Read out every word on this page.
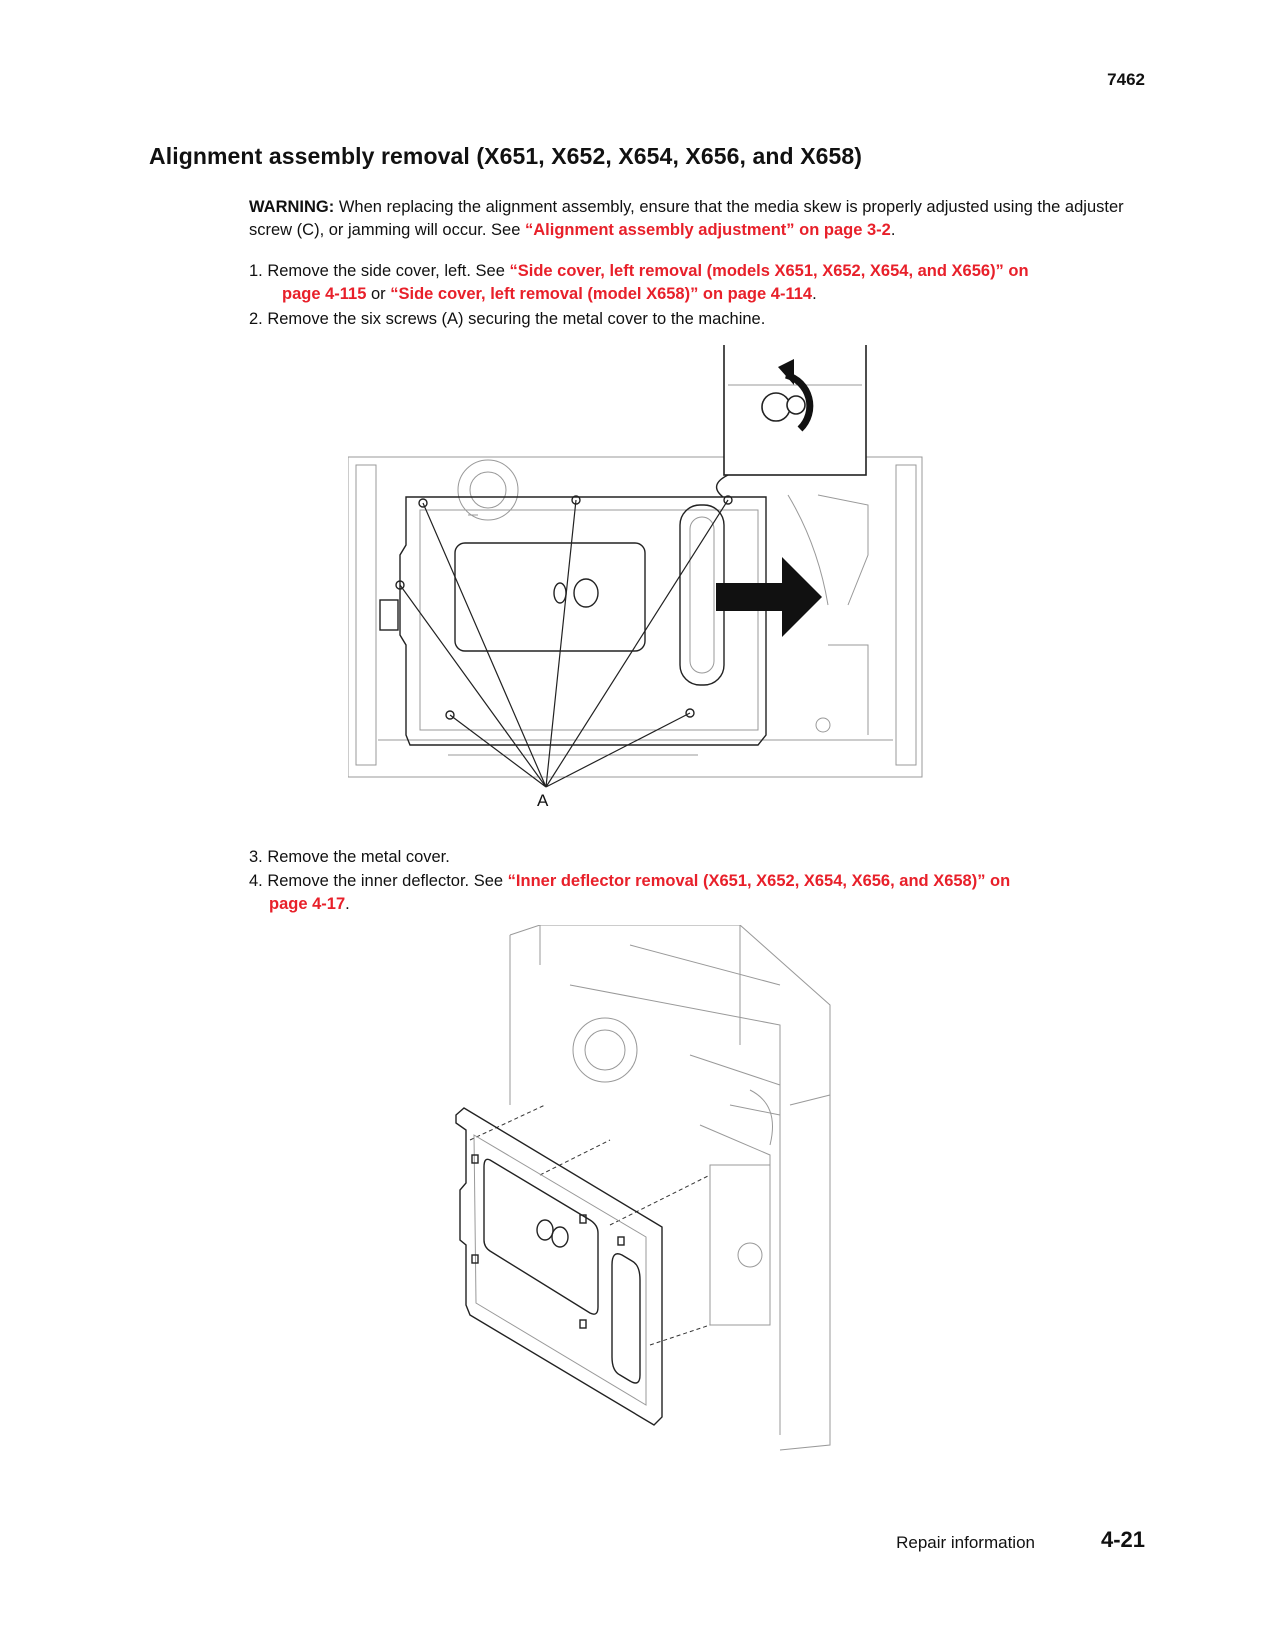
7462
Alignment assembly removal (X651, X652, X654, X656, and X658)
WARNING: When replacing the alignment assembly, ensure that the media skew is properly adjusted using the adjuster screw (C), or jamming will occur. See “Alignment assembly adjustment” on page 3-2.
1. Remove the side cover, left. See “Side cover, left removal (models X651, X652, X654, and X656)” on
page 4-115 or “Side cover, left removal (model X658)” on page 4-114.
2. Remove the six screws (A) securing the metal cover to the machine.
A
3. Remove the metal cover.
4. Remove the inner deflector. See “Inner deflector removal (X651, X652, X654, X656, and X658)” on
page 4-17.
Repair information	4-21
